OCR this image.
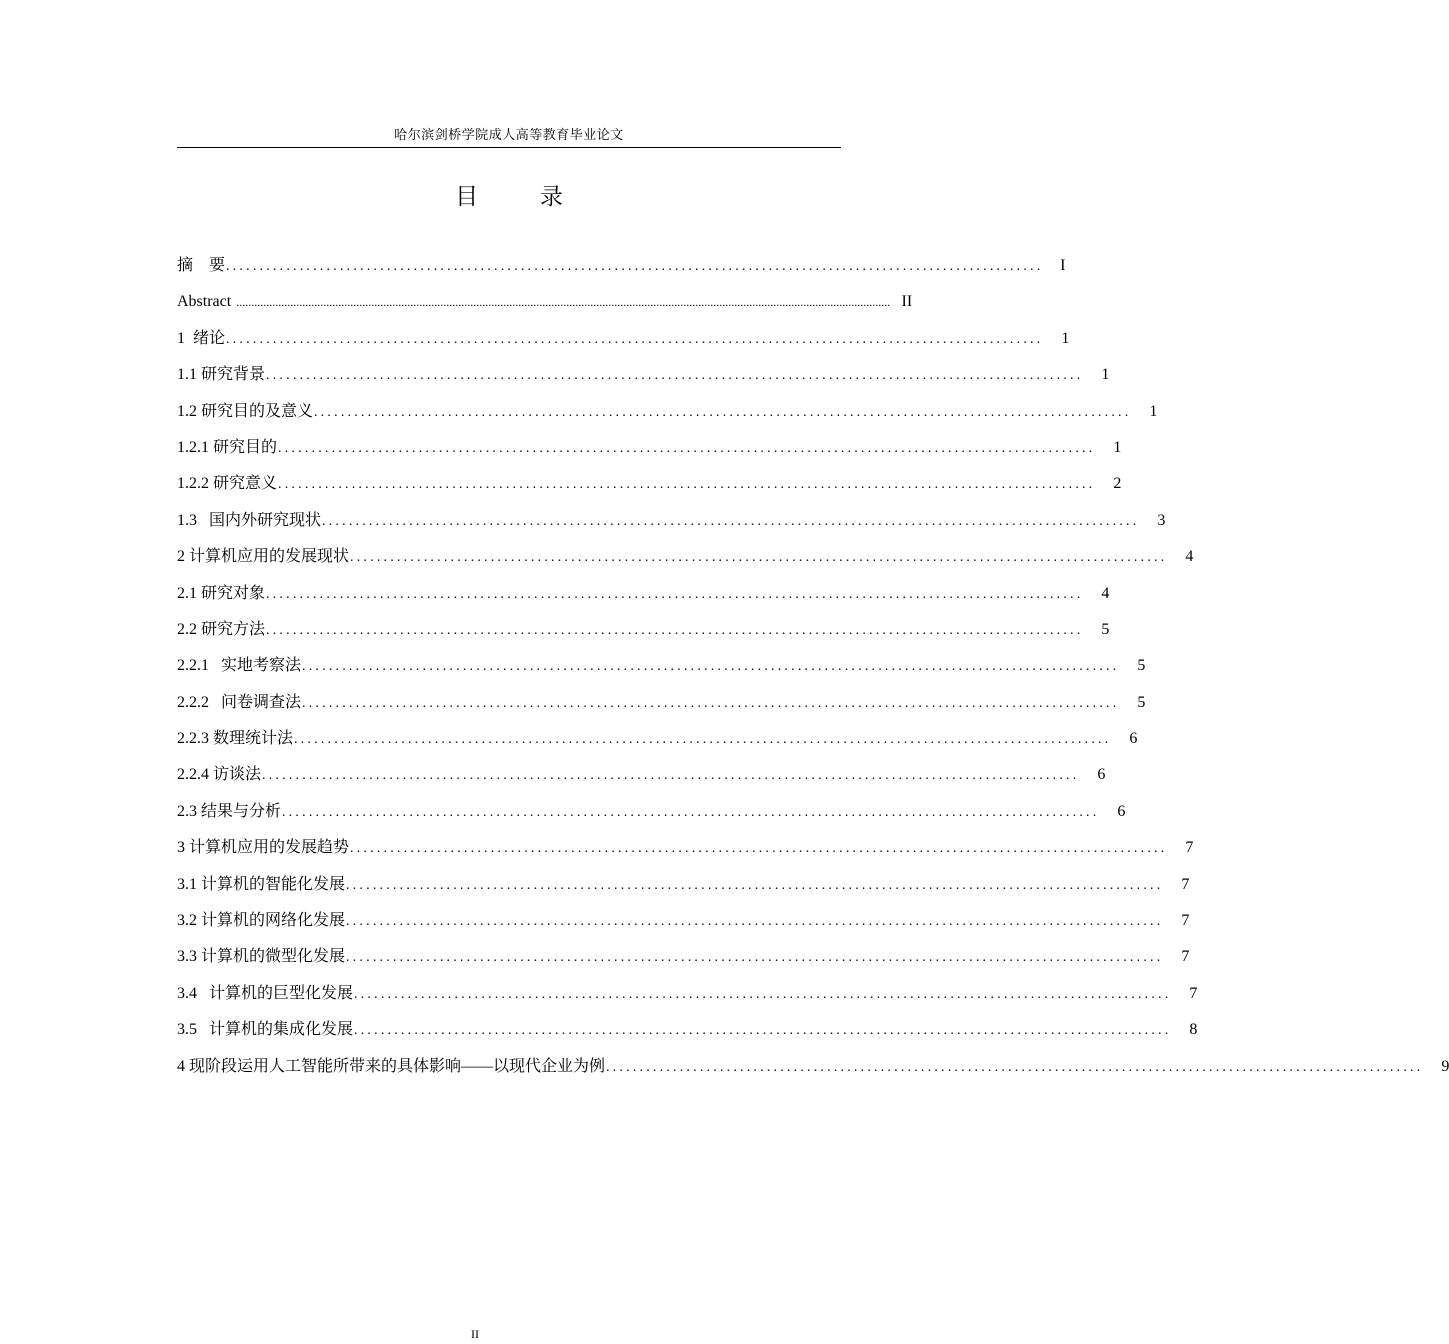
哈尔滨剑桥学院成人高等教育毕业论文
目 录
摘    要 ..........................................................................................................................	I
Abstract .......................................................................................................................................................................................................................... II
1  绪论 ..........................................................................................................................	1
1.1 研究背景 ..........................................................................................................................	1
1.2 研究目的及意义 ..........................................................................................................................	1
1.2.1 研究目的 ..........................................................................................................................	1
1.2.2 研究意义 ..........................................................................................................................	2
1.3   国内外研究现状 ..........................................................................................................................	3
2 计算机应用的发展现状 ..........................................................................................................................	4
2.1 研究对象 ..........................................................................................................................	4
2.2 研究方法 ..........................................................................................................................	5
2.2.1   实地考察法 ..........................................................................................................................	5
2.2.2   问卷调查法 ..........................................................................................................................	5
2.2.3 数理统计法 ..........................................................................................................................	6
2.2.4 访谈法 ..........................................................................................................................	6
2.3 结果与分析 ..........................................................................................................................	6
3 计算机应用的发展趋势 ..........................................................................................................................	7
3.1 计算机的智能化发展 ..........................................................................................................................	7
3.2 计算机的网络化发展 ..........................................................................................................................	7
3.3 计算机的微型化发展 ..........................................................................................................................	7
3.4   计算机的巨型化发展 ..........................................................................................................................	7
3.5   计算机的集成化发展 ..........................................................................................................................	8
4 现阶段运用人工智能所带来的具体影响——以现代企业为例 ..........................................................................................................................	9
II
